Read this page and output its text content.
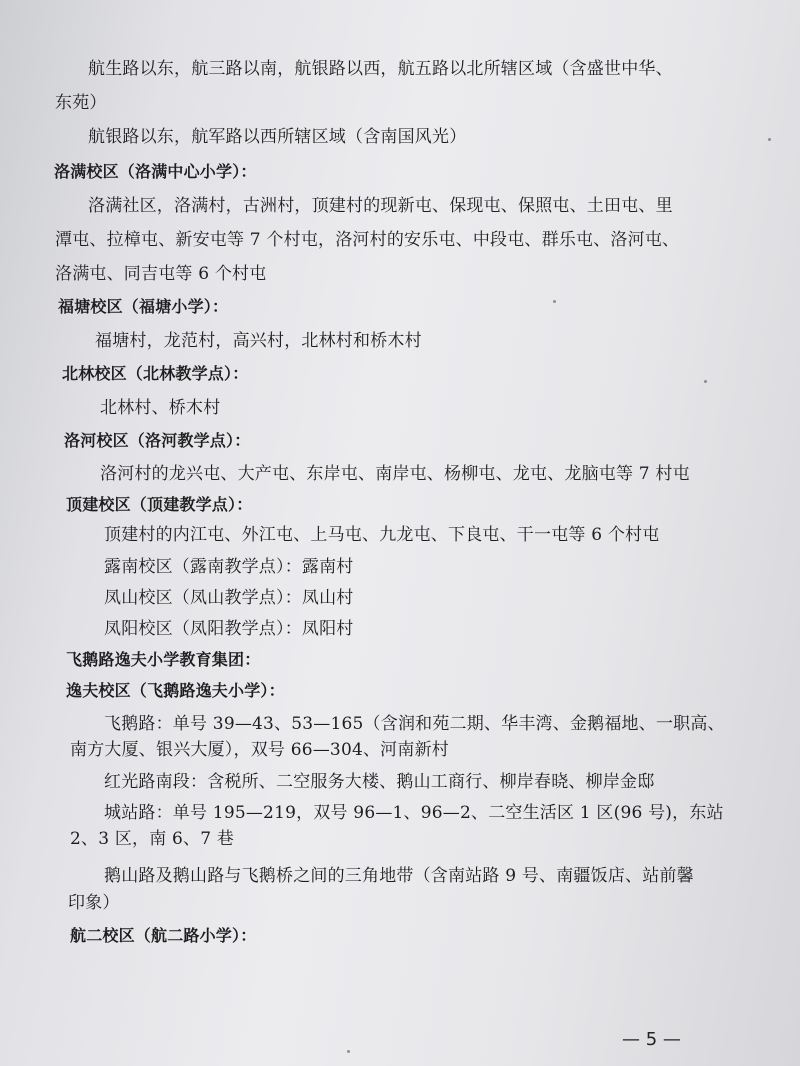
航生路以东，航三路以南，航银路以西，航五路以北所辖区域（含盛世中华、
东苑）
航银路以东，航军路以西所辖区域（含南国风光）
洛满校区（洛满中心小学）：
洛满社区，洛满村，古洲村，顶建村的现新屯、保现屯、保照屯、土田屯、里
潭屯、拉樟屯、新安屯等 7 个村屯，洛河村的安乐屯、中段屯、群乐屯、洛河屯、
洛满屯、同吉屯等 6 个村屯
福塘校区（福塘小学）：
福塘村，龙范村，高兴村，北林村和桥木村
北林校区（北林教学点）：
北林村、桥木村
洛河校区（洛河教学点）：
洛河村的龙兴屯、大产屯、东岸屯、南岸屯、杨柳屯、龙屯、龙脑屯等 7 村屯
顶建校区（顶建教学点）：
顶建村的内江屯、外江屯、上马屯、九龙屯、下良屯、干一屯等 6 个村屯
露南校区（露南教学点）：露南村
凤山校区（凤山教学点）：凤山村
凤阳校区（凤阳教学点）：凤阳村
飞鹅路逸夫小学教育集团：
逸夫校区（飞鹅路逸夫小学）：
飞鹅路：单号 39—43、53—165（含润和苑二期、华丰湾、金鹅福地、一职高、
南方大厦、银兴大厦），双号 66—304、河南新村
红光路南段：含税所、二空服务大楼、鹅山工商行、柳岸春晓、柳岸金邸
城站路：单号 195—219，双号 96—1、96—2、二空生活区 1 区(96 号)，东站
2、3 区，南 6、7 巷
鹅山路及鹅山路与飞鹅桥之间的三角地带（含南站路 9 号、南疆饭店、站前馨
印象）
航二校区（航二路小学）：
— 5 —
